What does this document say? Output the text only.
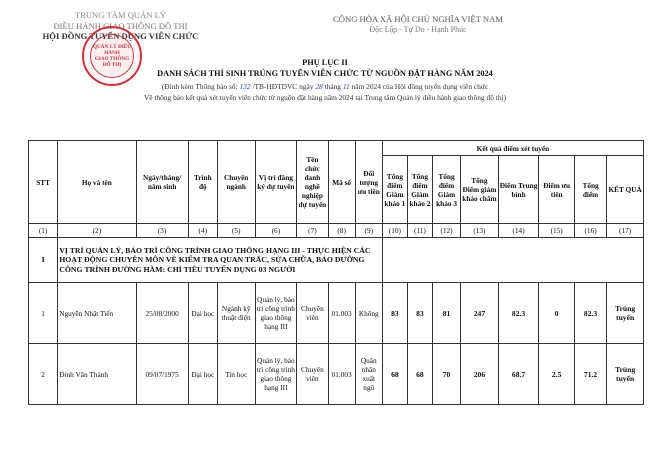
TRUNG TÂM QUẢN LÝ
ĐIỀU HÀNH GIAO THÔNG ĐÔ THỊ
HỘI ĐỒNG TUYỂN DỤNG VIÊN CHỨC
QUẢN LÝ ĐIỀU HÀNH
GIAO THÔNG
ĐÔ THỊ
CỘNG HÒA XÃ HỘI CHỦ NGHĨA VIỆT NAM
Độc Lập - Tự Do - Hạnh Phúc
PHỤ LỤC II
DANH SÁCH THÍ SINH TRÚNG TUYỂN VIÊN CHỨC TỪ NGUỒN ĐẶT HÀNG NĂM 2024
(Đính kèm Thông báo số: 132 /TB-HĐTDVC ngày 28 tháng 11 năm 2024 của Hội đồng tuyển dụng viên chức
Về thông báo kết quả xét tuyển viên chức từ nguồn đặt hàng năm 2024 tại Trung tâm Quản lý điều hành giao thông đô thị)
STT	Họ và tên	Ngày/tháng/ năm sinh	Trình độ	Chuyên ngành	Vị trí đăng ký dự tuyển	Tên chức danh nghề nghiệp dự tuyển	Mã số	Đối tượng ưu tiên	Kết quả điểm xét tuyển							
									Tổng điểm Giám khảo 1	Tổng điểm Giám khảo 2	Tổng điểm Giám khảo 3	Tổng Điểm giám khảo chấm	Điểm Trung bình	Điểm ưu tiên	Tổng điểm	KẾT QUẢ
(1)	(2)	(3)	(4)	(5)	(6)	(7)	(8)	(9)	(10)	(11)	(12)	(13)	(14)	(15)	(16)	(17)
I	VỊ TRÍ QUẢN LÝ, BẢO TRÌ CÔNG TRÌNH GIAO THÔNG HẠNG III - THỰC HIỆN CÁC HOẠT ĐỘNG CHUYÊN MÔN VỀ KIỂM TRA QUAN TRẮC, SỬA CHỮA, BẢO DƯỠNG CÔNG TRÌNH ĐƯỜNG HẦM: CHỈ TIÊU TUYỂN DỤNG 03 NGƯỜI															
1	Nguyễn Nhật Tiến	25/08/2000	Đại học	Ngành kỹ thuật điện	Quản lý, bảo trì công trình giao thông hạng III	Chuyên viên	01.003	Không	83	83	81	247	82.3	0	82.3	Trúng tuyển
2	Đinh Văn Thành	09/07/1975	Đại học	Tin học	Quản lý, bảo trì công trình giao thông hạng III	Chuyên viên	01.003	Quân nhân xuất ngũ	68	68	70	206	68.7	2.5	71.2	Trúng tuyển
